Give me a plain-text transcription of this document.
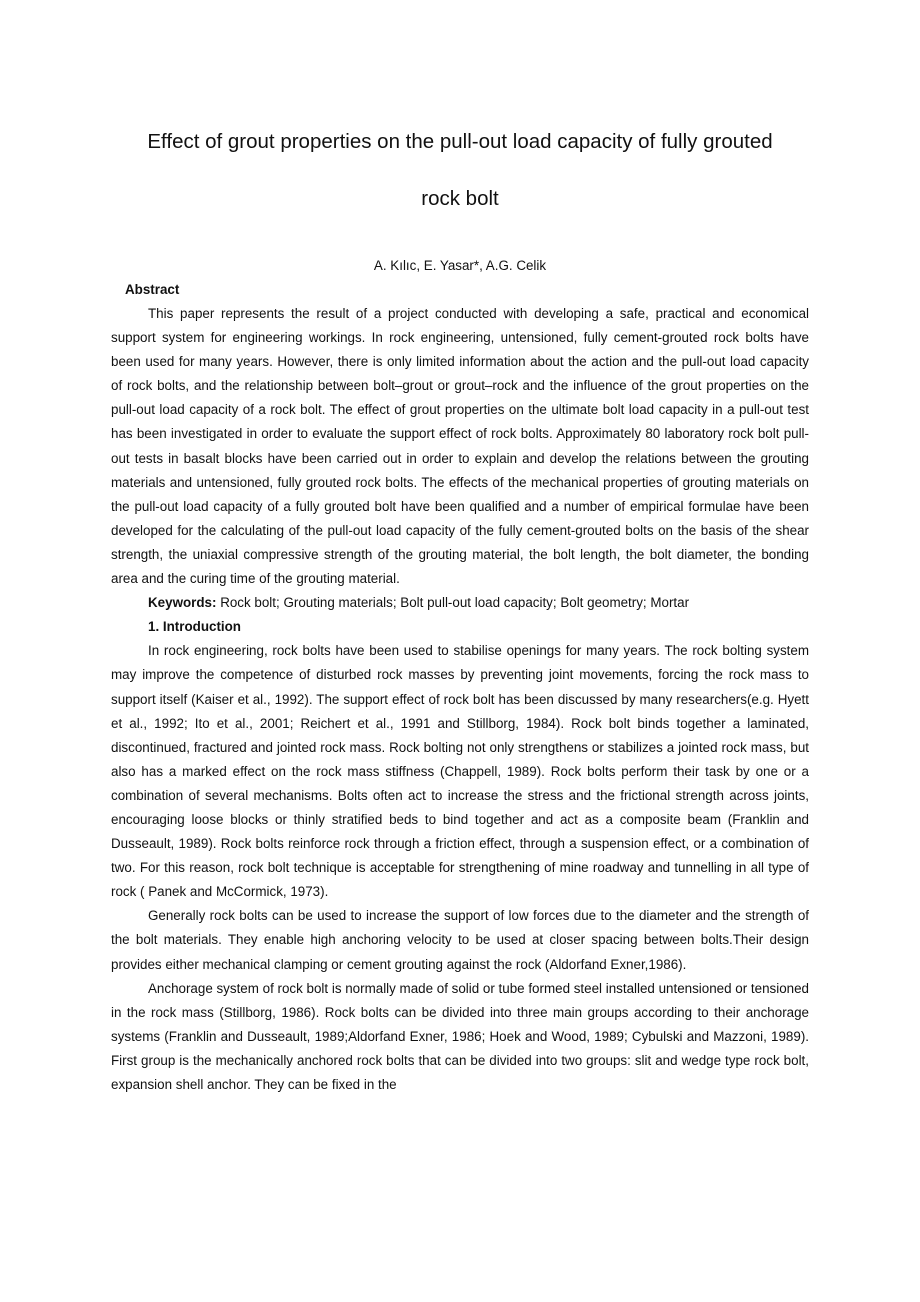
Effect of grout properties on the pull-out load capacity of fully grouted
rock bolt
A. Kılıc, E. Yasar*, A.G. Celik
Abstract

This paper represents the result of a project conducted with developing a safe, practical and economical support system for engineering workings. In rock engineering, untensioned, fully cement-grouted rock bolts have been used for many years. However, there is only limited information about the action and the pull-out load capacity of rock bolts, and the relationship between bolt–grout or grout–rock and the influence of the grout properties on the pull-out load capacity of a rock bolt. The effect of grout properties on the ultimate bolt load capacity in a pull-out test has been investigated in order to evaluate the support effect of rock bolts. Approximately 80 laboratory rock bolt pull-out tests in basalt blocks have been carried out in order to explain and develop the relations between the grouting materials and untensioned, fully grouted rock bolts. The effects of the mechanical properties of grouting materials on the pull-out load capacity of a fully grouted bolt have been qualified and a number of empirical formulae have been developed for the calculating of the pull-out load capacity of the fully cement-grouted bolts on the basis of the shear strength, the uniaxial compressive strength of the grouting material, the bolt length, the bolt diameter, the bonding area and the curing time of the grouting material.

Keywords: Rock bolt; Grouting materials; Bolt pull-out load capacity; Bolt geometry; Mortar

1. Introduction

In rock engineering, rock bolts have been used to stabilise openings for many years. The rock bolting system may improve the competence of disturbed rock masses by preventing joint movements, forcing the rock mass to support itself (Kaiser et al., 1992). The support effect of rock bolt has been discussed by many researchers(e.g. Hyett et al., 1992; Ito et al., 2001; Reichert et al., 1991 and Stillborg, 1984). Rock bolt binds together a laminated, discontinued, fractured and jointed rock mass. Rock bolting not only strengthens or stabilizes a jointed rock mass, but also has a marked effect on the rock mass stiffness (Chappell, 1989). Rock bolts perform their task by one or a combination of several mechanisms. Bolts often act to increase the stress and the frictional strength across joints, encouraging loose blocks or thinly stratified beds to bind together and act as a composite beam (Franklin and Dusseault, 1989). Rock bolts reinforce rock through a friction effect, through a suspension effect, or a combination of two. For this reason, rock bolt technique is acceptable for strengthening of mine roadway and tunnelling in all type of rock ( Panek and McCormick, 1973).

Generally rock bolts can be used to increase the support of low forces due to the diameter and the strength of the bolt materials. They enable high anchoring velocity to be used at closer spacing between bolts.Their design provides either mechanical clamping or cement grouting against the rock (Aldorfand Exner,1986).

Anchorage system of rock bolt is normally made of solid or tube formed steel installed untensioned or tensioned in the rock mass (Stillborg, 1986). Rock bolts can be divided into three main groups according to their anchorage systems (Franklin and Dusseault, 1989;Aldorfand Exner, 1986; Hoek and Wood, 1989; Cybulski and Mazzoni, 1989). First group is the mechanically anchored rock bolts that can be divided into two groups: slit and wedge type rock bolt, expansion shell anchor. They can be fixed in the
